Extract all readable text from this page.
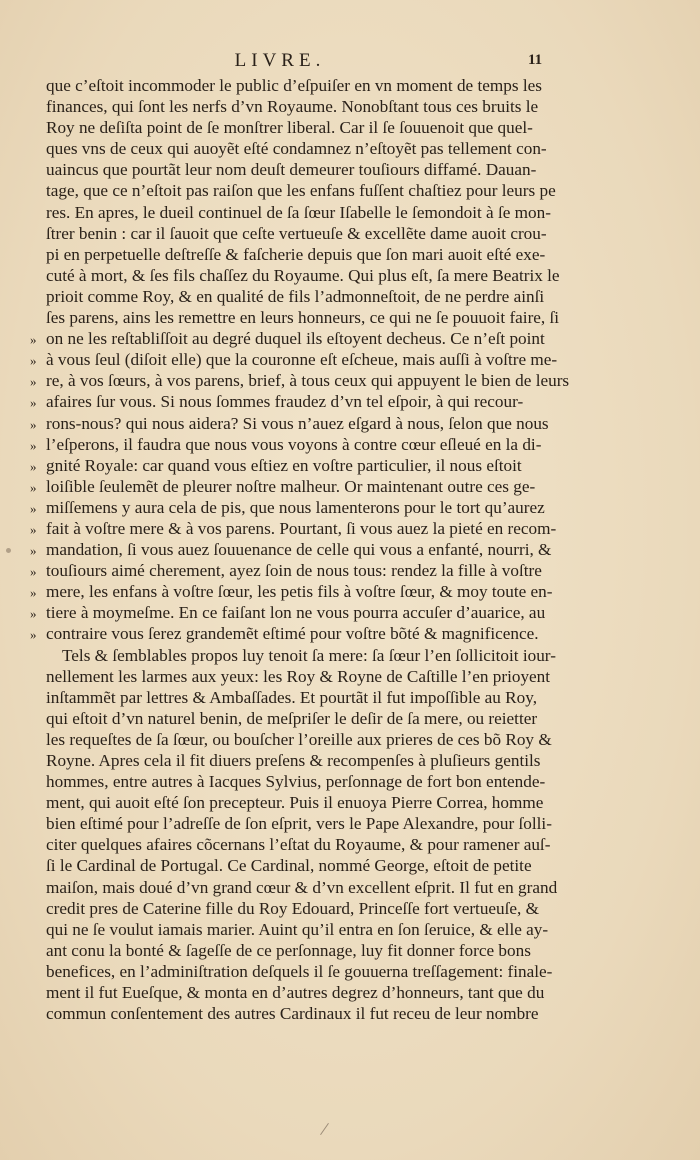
LIVRE.	11
que c’eſtoit incommoder le public d’eſpuiſer en vn moment de temps les
finances, qui ſont les nerfs d’vn Royaume. Nonobſtant tous ces bruits le
Roy ne deſiſta point de ſe monſtrer liberal. Car il ſe ſouuenoit que quel-
ques vns de ceux qui auoyẽt eſté condamnez n’eſtoyẽt pas tellement con-
uaincus que pourtãt leur nom deuſt demeurer touſiours diffamé. Dauan-
tage, que ce n’eſtoit pas raiſon que les enfans fuſſent chaſtiez pour leurs pe
res. En apres, le dueil continuel de ſa ſœur Iſabelle le ſemondoit à ſe mon-
ſtrer benin : car il ſauoit que ceſte vertueuſe & excellẽte dame auoit crou-
pi en perpetuelle deſtreſſe & faſcherie depuis que ſon mari auoit eſté exe-
cuté à mort, & ſes fils chaſſez du Royaume. Qui plus eſt, ſa mere Beatrix le
prioit comme Roy, & en qualité de fils l’admonneſtoit, de ne perdre ainſi
ſes parens, ains les remettre en leurs honneurs, ce qui ne ſe pouuoit faire, ſi
» on ne les reſtabliſſoit au degré duquel ils eſtoyent decheus. Ce n’eſt point
» à vous ſeul (diſoit elle) que la couronne eſt eſcheue, mais auſſi à voſtre me-
» re, à vos ſœurs, à vos parens, brief, à tous ceux qui appuyent le bien de leurs
» afaires ſur vous. Si nous ſommes fraudez d’vn tel eſpoir, à qui recour-
» rons-nous? qui nous aidera? Si vous n’auez eſgard à nous, ſelon que nous
» l’eſperons, il faudra que nous vous voyons à contre cœur eſleué en la di-
» gnité Royale: car quand vous eſtiez en voſtre particulier, il nous eſtoit
» loiſible ſeulemẽt de pleurer noſtre malheur. Or maintenant outre ces ge-
» miſſemens y aura cela de pis, que nous lamenterons pour le tort qu’aurez
» fait à voſtre mere & à vos parens. Pourtant, ſi vous auez la pieté en recom-
» mandation, ſi vous auez ſouuenance de celle qui vous a enfanté, nourri, &
» touſiours aimé cherement, ayez ſoin de nous tous: rendez la fille à voſtre
» mere, les enfans à voſtre ſœur, les petis fils à voſtre ſœur, & moy toute en-
» tiere à moymeſme. En ce faiſant lon ne vous pourra accuſer d’auarice, au
» contraire vous ſerez grandemẽt eſtimé pour voſtre bõté & magnificence.
Tels & ſemblables propos luy tenoit ſa mere: ſa ſœur l’en ſollicitoit iour-
nellement les larmes aux yeux: les Roy & Royne de Caſtille l’en prioyent
inſtammẽt par lettres & Ambaſſades. Et pourtãt il fut impoſſible au Roy,
qui eſtoit d’vn naturel benin, de meſpriſer le deſir de ſa mere, ou reietter
les requeſtes de ſa ſœur, ou bouſcher l’oreille aux prieres de ces bõ Roy &
Royne. Apres cela il fit diuers preſens & recompenſes à pluſieurs gentils
hommes, entre autres à Iacques Sylvius, perſonnage de fort bon entende-
ment, qui auoit eſté ſon precepteur. Puis il enuoya Pierre Correa, homme
bien eſtimé pour l’adreſſe de ſon eſprit, vers le Pape Alexandre, pour ſolli-
citer quelques afaires cõcernans l’eſtat du Royaume, & pour ramener auſ-
ſi le Cardinal de Portugal. Ce Cardinal, nommé George, eſtoit de petite
maiſon, mais doué d’vn grand cœur & d’vn excellent eſprit. Il fut en grand
credit pres de Caterine fille du Roy Edouard, Princeſſe fort vertueuſe, &
qui ne ſe voulut iamais marier. Auint qu’il entra en ſon ſeruice, & elle ay-
ant conu la bonté & ſageſſe de ce perſonnage, luy fit donner force bons
benefices, en l’adminiſtration deſquels il ſe gouuerna treſſagement: finale-
ment il fut Eueſque, & monta en d’autres degrez d’honneurs, tant que du
commun conſentement des autres Cardinaux il fut receu de leur nombre
